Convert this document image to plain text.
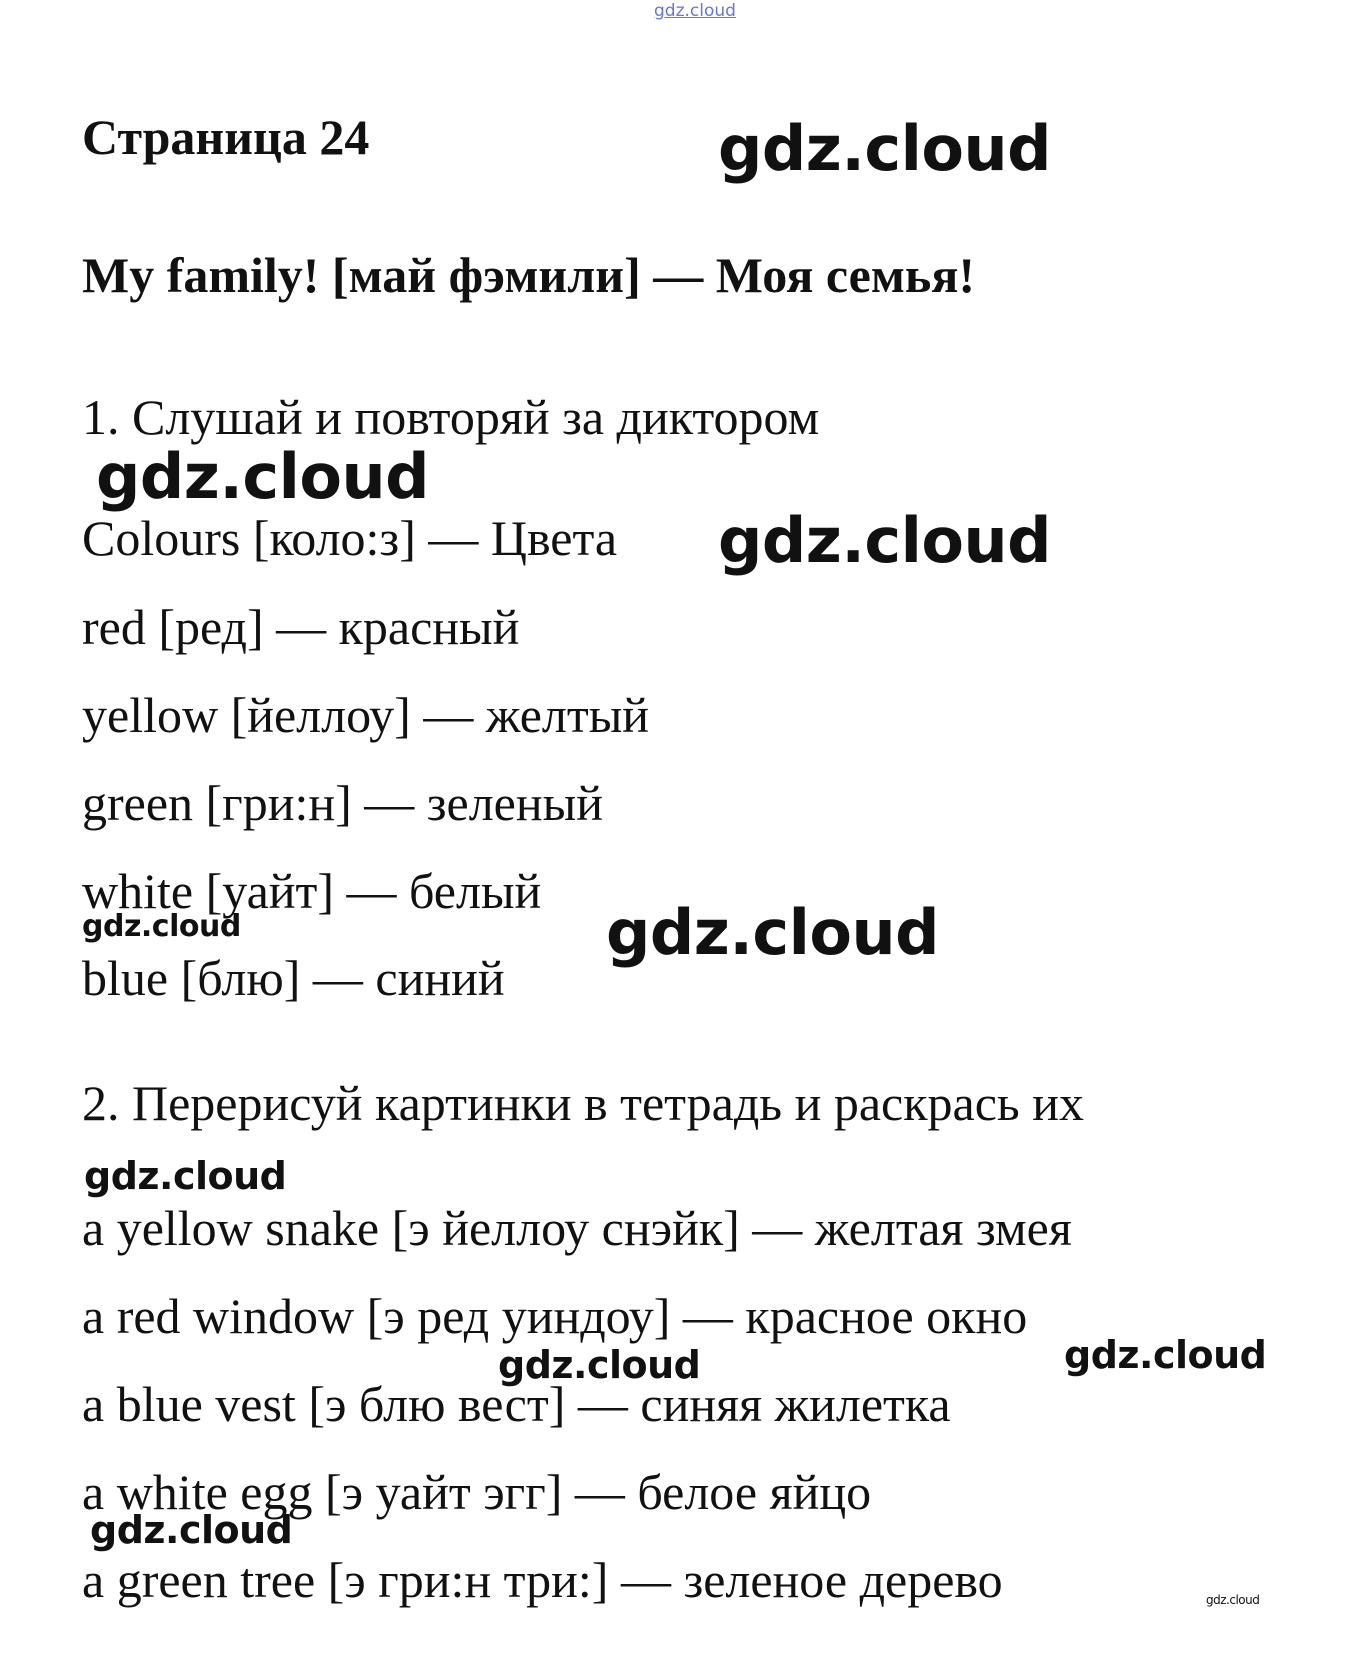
gdz.cloud
Страница 24	gdz.cloud
My family! [май фэмили] — Моя семья!
1. Слушай и повторяй за диктором
gdz.cloud
Colours [коло:з] — Цвета gdz.cloud
red [ред] — красный
yellow [йеллоу] — желтый
green [гри:н] — зеленый
white [уайт] — белый
gdz.cloud	gdz.cloud
blue [блю] — синий
2. Перерисуй картинки в тетрадь и раскрась их
gdz.cloud
a yellow snake [э йеллоу снэйк] — желтая змея
a red window [э ред уиндоу] — красное окно
gdz.cloud	gdz.cloud
a blue vest [э блю вест] — синяя жилетка
a white egg [э уайт эгг] — белое яйцо
gdz.cloud
a green tree [э гри:н три:] — зеленое дерево	gdz.cloud
